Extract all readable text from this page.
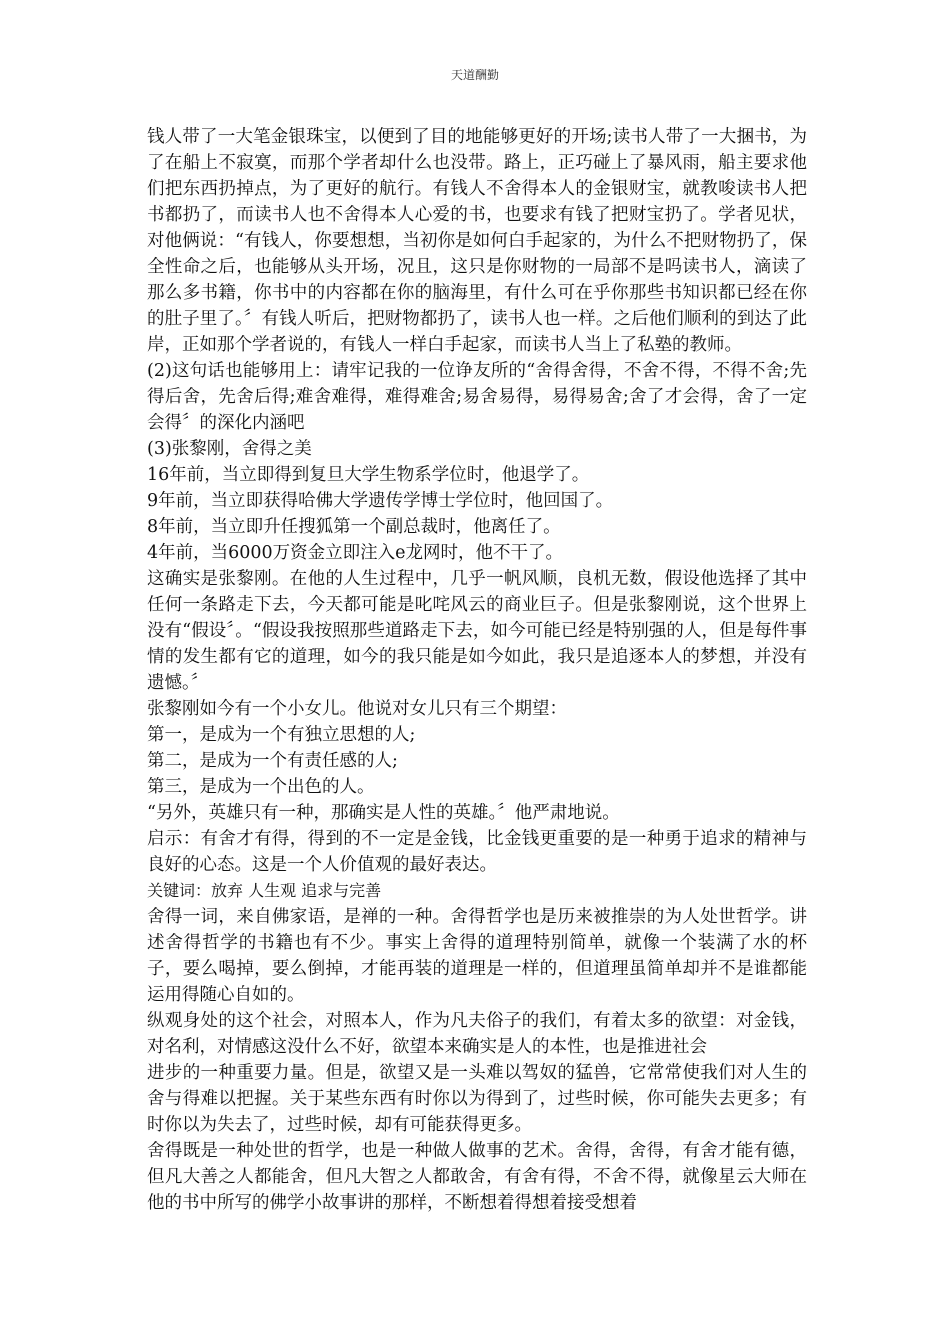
天道酬勤

钱人带了一大笔金银珠宝，以便到了目的地能够更好的开场;读书人带了一大捆书，为了在船上不寂寞，而那个学者却什么也没带。路上，正巧碰上了暴风雨，船主要求他们把东西扔掉点，为了更好的航行。有钱人不舍得本人的金银财宝，就教唆读书人把书都扔了，而读书人也不舍得本人心爱的书，也要求有钱了把财宝扔了。学者见状，对他俩说：“有钱人，你要想想，当初你是如何白手起家的，为什么不把财物扔了，保全性命之后，也能够从头开场，况且，这只是你财物的一局部不是吗读书人，滴读了那么多书籍，你书中的内容都在你的脑海里，有什么可在乎你那些书知识都已经在你的肚子里了。〞有钱人听后，把财物都扔了，读书人也一样。之后他们顺利的到达了此岸，正如那个学者说的，有钱人一样白手起家，而读书人当上了私塾的教师。

(2)这句话也能够用上：请牢记我的一位诤友所的“舍得舍得，不舍不得，不得不舍;先得后舍，先舍后得;难舍难得，难得难舍;易舍易得，易得易舍;舍了才会得，舍了一定会得〞的深化内涵吧

(3)张黎刚，舍得之美

16年前，当立即得到复旦大学生物系学位时，他退学了。

9年前，当立即获得哈佛大学遗传学博士学位时，他回国了。

8年前，当立即升任搜狐第一个副总裁时，他离任了。

4年前，当6000万资金立即注入e龙网时，他不干了。

这确实是张黎刚。在他的人生过程中，几乎一帆风顺，良机无数，假设他选择了其中任何一条路走下去，今天都可能是叱咤风云的商业巨子。但是张黎刚说，这个世界上没有“假设〞。“假设我按照那些道路走下去，如今可能已经是特别强的人，但是每件事情的发生都有它的道理，如今的我只能是如今如此，我只是追逐本人的梦想，并没有遗憾。〞

张黎刚如今有一个小女儿。他说对女儿只有三个期望：

第一，是成为一个有独立思想的人;

第二，是成为一个有责任感的人;

第三，是成为一个出色的人。

“另外，英雄只有一种，那确实是人性的英雄。〞他严肃地说。

启示：有舍才有得，得到的不一定是金钱，比金钱更重要的是一种勇于追求的精神与良好的心态。这是一个人价值观的最好表达。

关键词：放弃 人生观 追求与完善

舍得一词，来自佛家语，是禅的一种。舍得哲学也是历来被推崇的为人处世哲学。讲述舍得哲学的书籍也有不少。事实上舍得的道理特别简单，就像一个装满了水的杯子，要么喝掉，要么倒掉，才能再装的道理是一样的，但道理虽简单却并不是谁都能运用得随心自如的。

纵观身处的这个社会，对照本人，作为凡夫俗子的我们，有着太多的欲望：对金钱，对名利，对情感这没什么不好，欲望本来确实是人的本性，也是推进社会

进步的一种重要力量。但是，欲望又是一头难以驾奴的猛兽，它常常使我们对人生的舍与得难以把握。关于某些东西有时你以为得到了，过些时候，你可能失去更多；有时你以为失去了，过些时候，却有可能获得更多。

舍得既是一种处世的哲学，也是一种做人做事的艺术。舍得，舍得，有舍才能有德，但凡大善之人都能舍，但凡大智之人都敢舍，有舍有得，不舍不得，就像星云大师在他的书中所写的佛学小故事讲的那样，不断想着得想着接受想着
